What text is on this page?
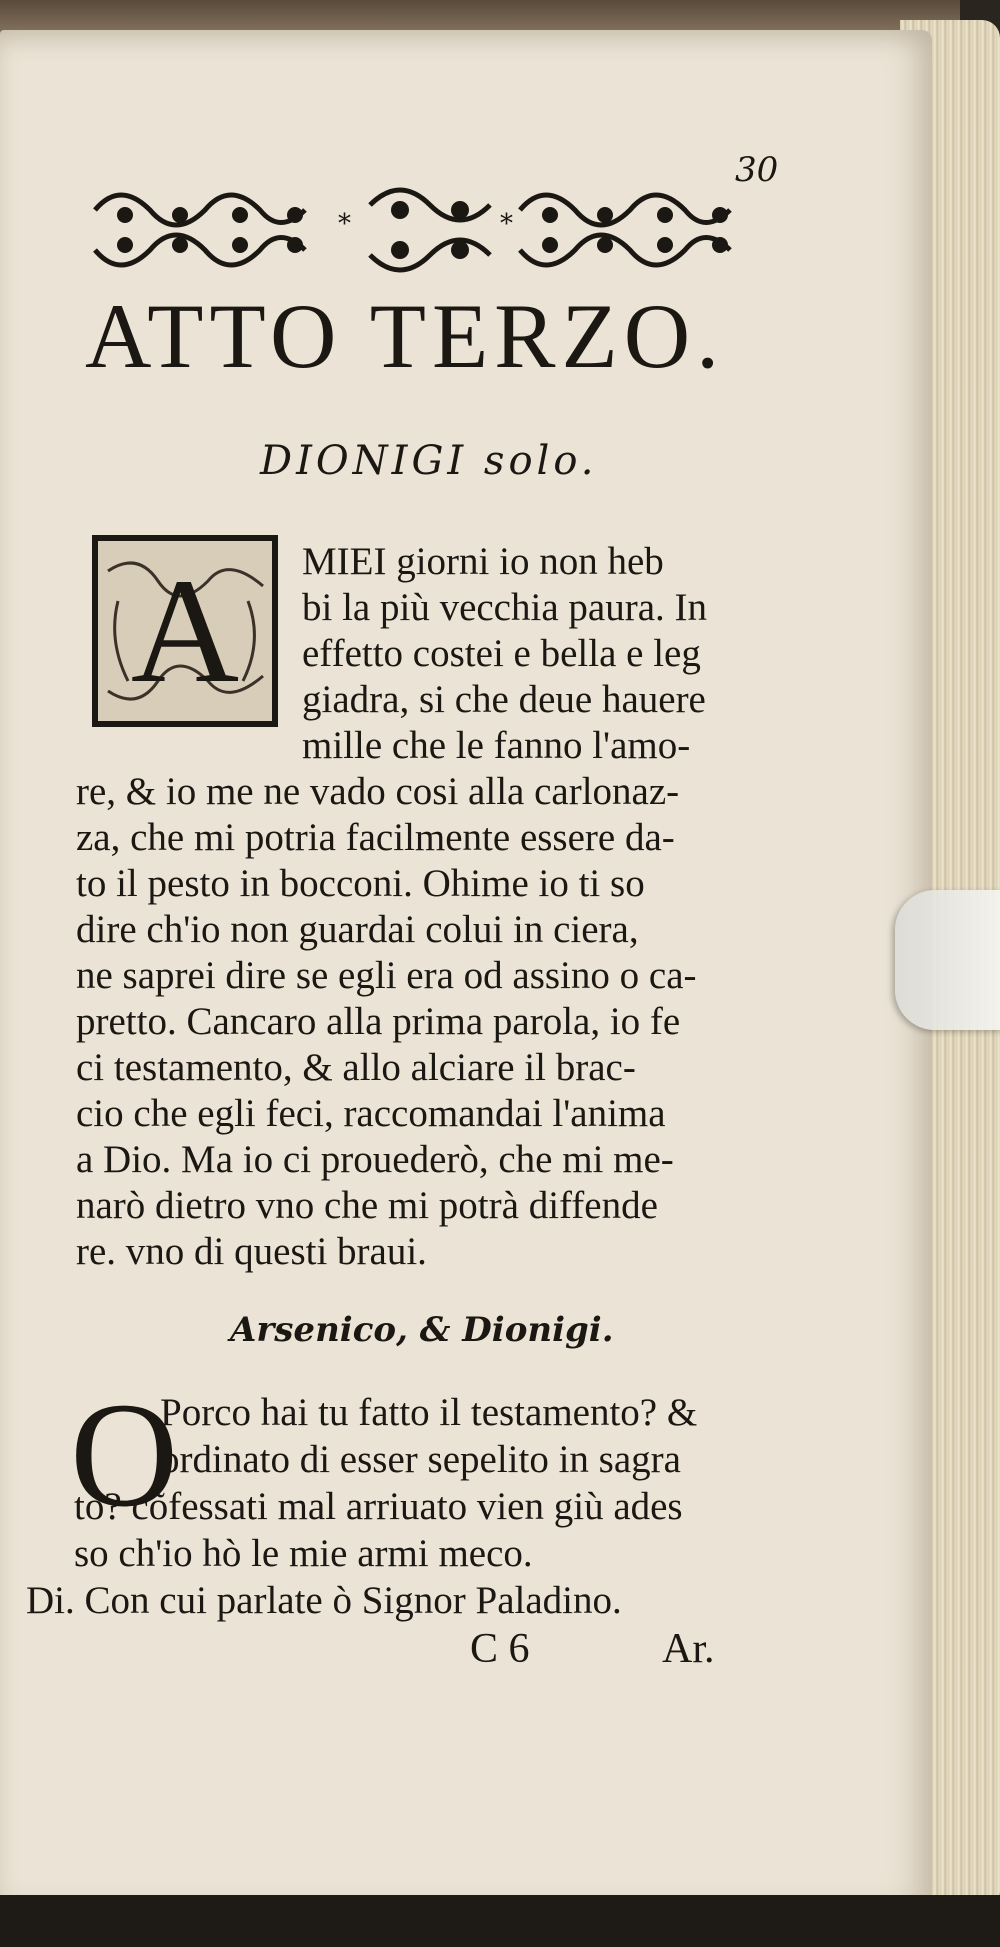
30
*	*
ATTO TERZO.
DIONIGI solo.
A	MIEI giorni io non heb
bi la più vecchia paura. In
effetto costei e bella e leg
giadra, si che deue hauere
mille che le fanno l'amo-
re, & io me ne vado cosi alla carlonaz-
za, che mi potria facilmente essere da-
to il pesto in bocconi. Ohime io ti so
dire ch'io non guardai colui in ciera,
ne saprei dire se egli era od assino o ca-
pretto. Cancaro alla prima parola, io fe
ci testamento, & allo alciare il brac-
cio che egli feci, raccomandai l'anima
a Dio. Ma io ci prouederò, che mi me-
narò dietro vno che mi potrà diffende
re. vno di questi braui.
Arsenico, & Dionigi.
O
Porco hai tu fatto il testamento? &
ordinato di esser sepelito in sagra
to? cõfessati mal arriuato vien giù ades
so ch'io hò le mie armi meco.
Di. Con cui parlate ò Signor Paladino.
C 6	Ar.
